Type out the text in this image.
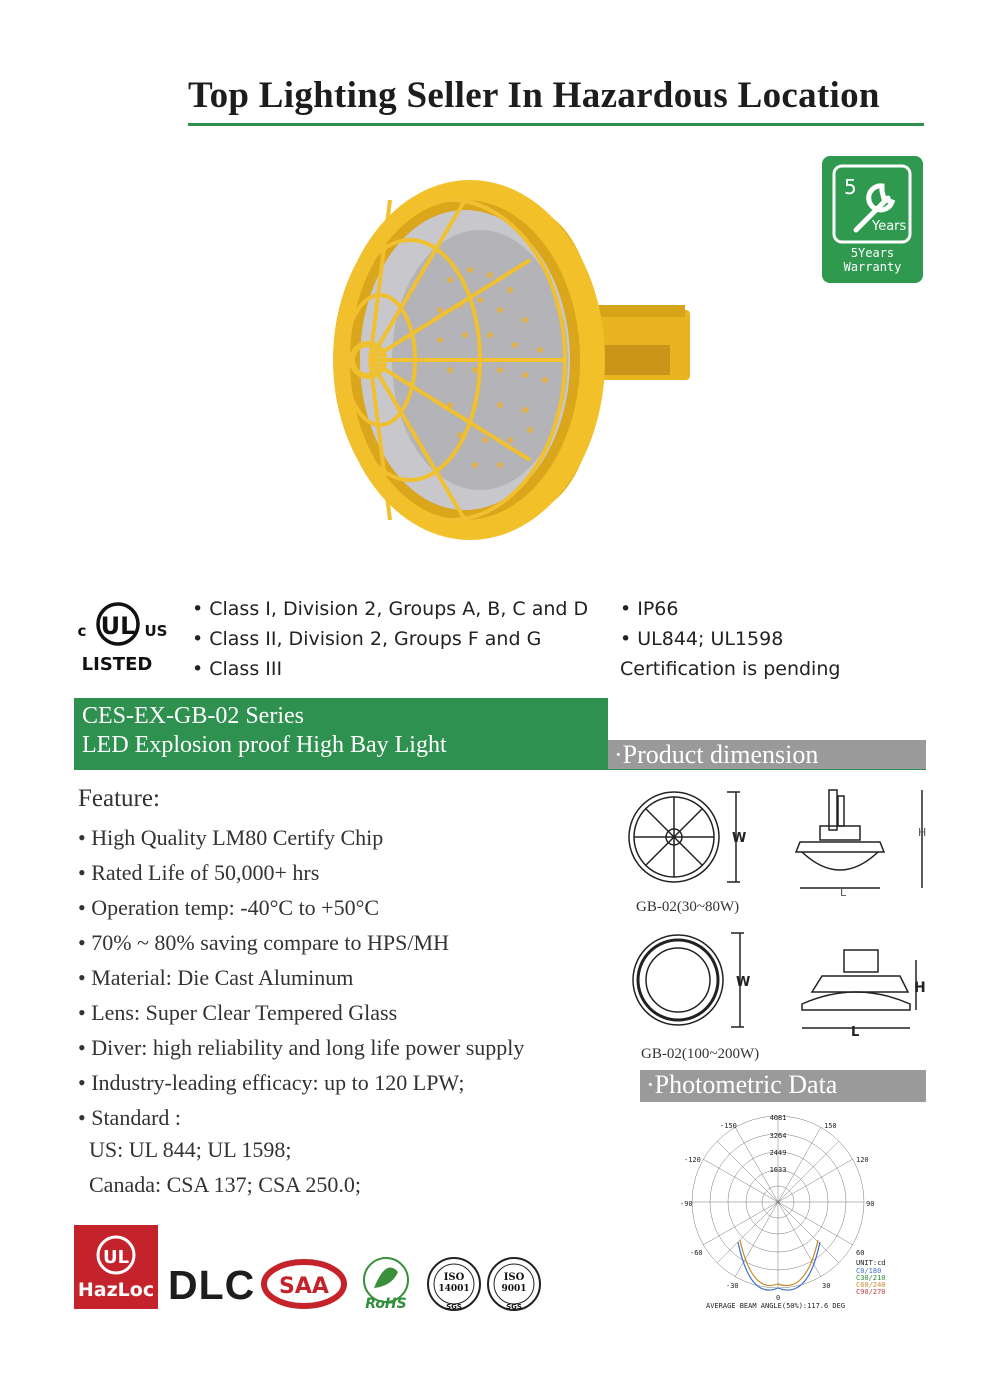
Top Lighting Seller In Hazardous Location
5
Years
5Years
Warranty
UL
c	US
LISTED
• Class I, Division 2, Groups A, B, C and D
• Class II, Division 2, Groups F and G
• Class III
• IP66
• UL844; UL1598
Certification is pending
CES-EX-GB-02 Series
LED Explosion proof High Bay Light	·Product dimension
·Photometric Data
Feature:
• High Quality LM80 Certify Chip
• Rated Life of 50,000+ hrs
• Operation temp: -40°C to +50°C
• 70% ~ 80% saving compare to HPS/MH
• Material: Die Cast Aluminum
• Lens: Super Clear Tempered Glass
• Diver: high reliability and long life power supply
• Industry-leading efficacy: up to 120 LPW;
• Standard :
US: UL 844; UL 1598;
Canada: CSA 137; CSA 250.0;
W	H
L
GB-02(30~80W)
W	H
L
GB-02(100~200W)
4081
3264
2449
1633
-150	150
-120
-90
-60
-30
120
90
60
30
0
UNIT:cd
C0/180
C30/210
C60/240
C90/270
AVERAGE BEAM ANGLE(50%):117.6 DEG
UL
HazLoc DLC SAA
RoHS
ISO
14001
SGS
ISO
9001
SGS
